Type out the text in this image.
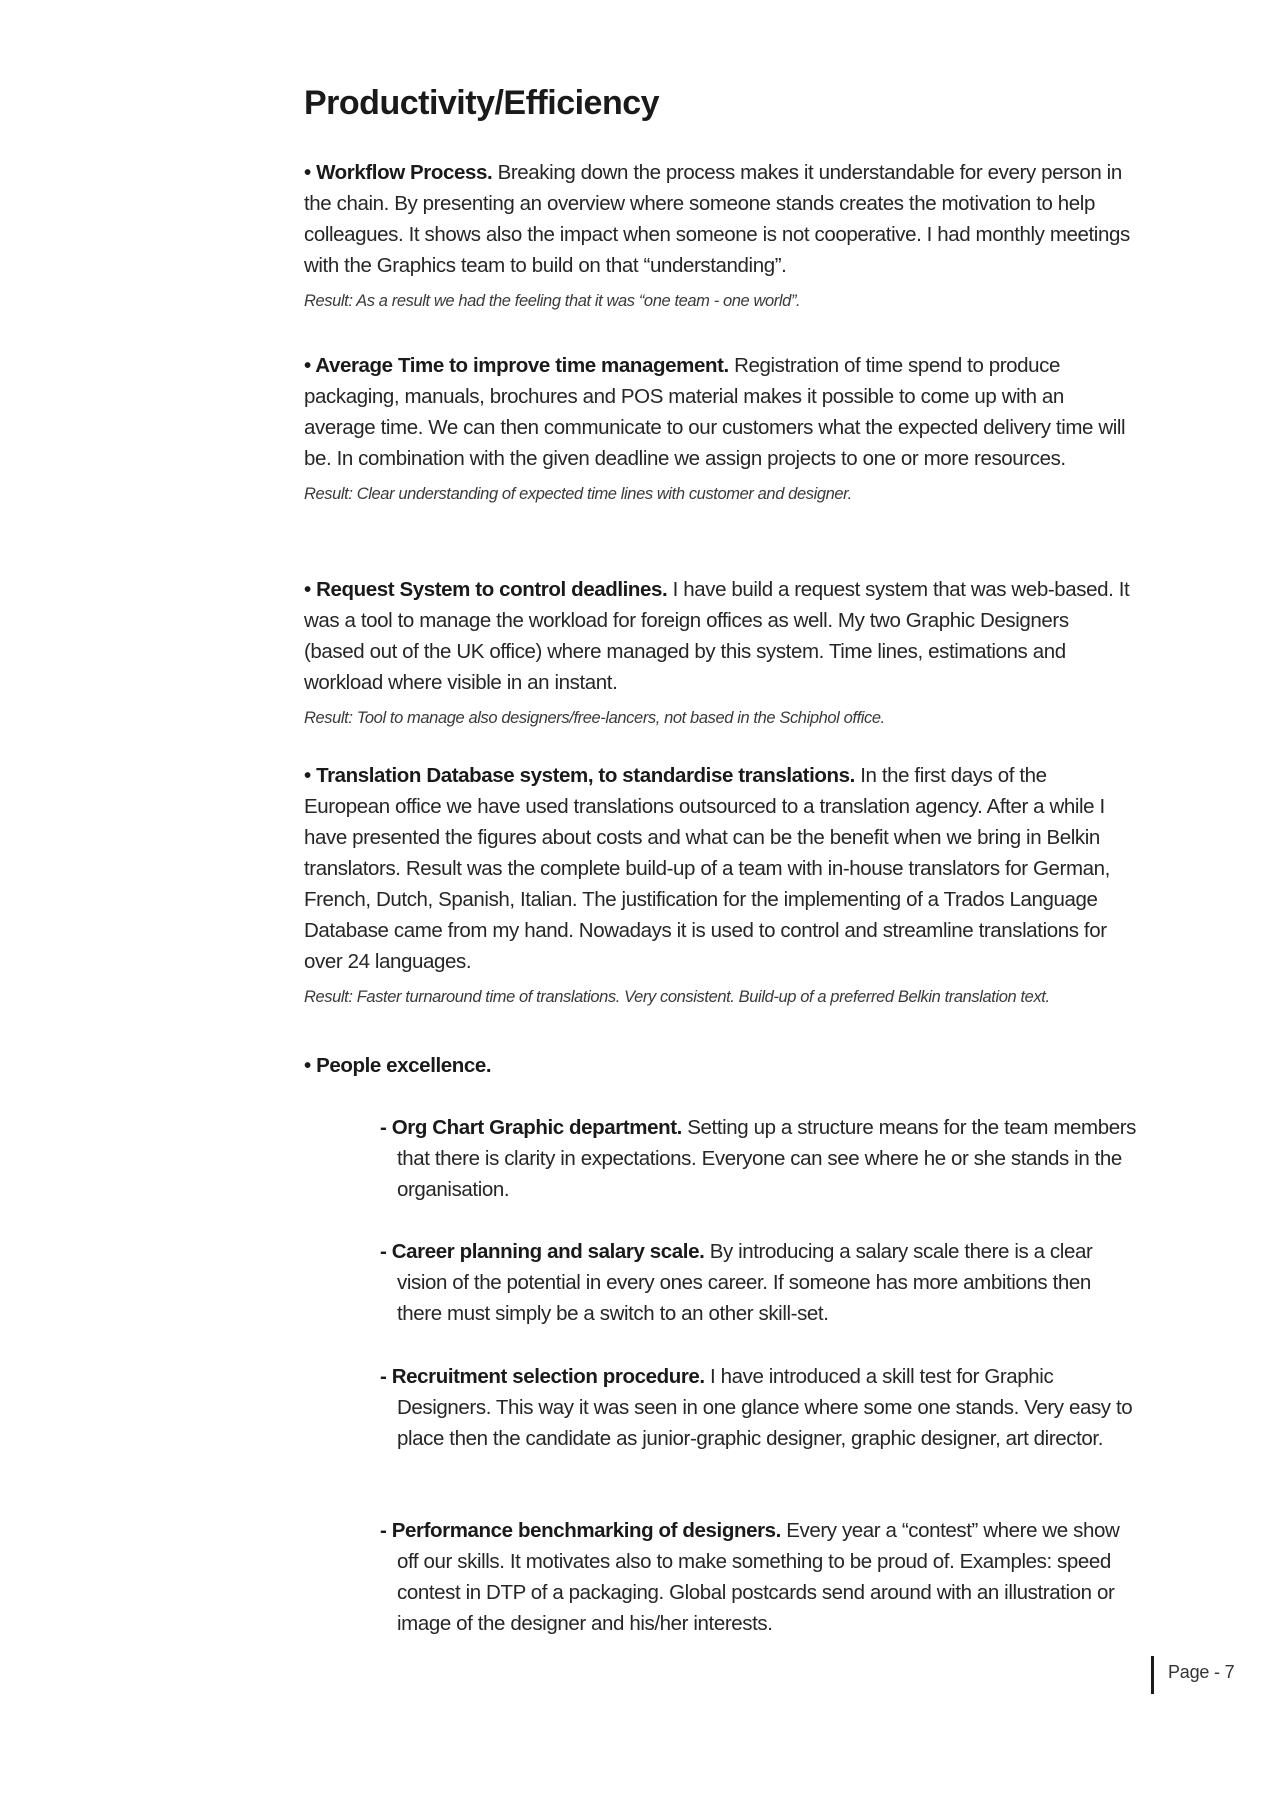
Productivity/Efficiency

• Workflow Process. Breaking down the process makes it understandable for every person in the chain. By presenting an overview where someone stands creates the motivation to help colleagues. It shows also the impact when someone is not cooperative. I had monthly meetings with the Graphics team to build on that “understanding”.

Result: As a result we had the feeling that it was “one team - one world”.

• Average Time to improve time management. Registration of time spend to produce packaging, manuals, brochures and POS material makes it possible to come up with an average time. We can then communicate to our customers what the expected delivery time will be. In combination with the given deadline we assign projects to one or more resources.

Result: Clear understanding of expected time lines with customer and designer.

• Request System to control deadlines. I have build a request system that was web-based. It was a tool to manage the workload for foreign offices as well. My two Graphic Designers (based out of the UK office) where managed by this system. Time lines, estimations and workload where visible in an instant.

Result: Tool to manage also designers/free-lancers, not based in the Schiphol office.

• Translation Database system, to standardise translations. In the first days of the European office we have used translations outsourced to a translation agency. After a while I have presented the figures about costs and what can be the benefit when we bring in Belkin translators. Result was the complete build-up of a team with in-house translators for German, French, Dutch, Spanish, Italian. The justification for the implementing of a Trados Language Database came from my hand. Nowadays it is used to control and streamline translations for over 24 languages.

Result: Faster turnaround time of translations. Very consistent. Build-up of a preferred Belkin translation text.

• People excellence.

- Org Chart Graphic department. Setting up a structure means for the team members that there is clarity in expectations. Everyone can see where he or she stands in the organisation.

- Career planning and salary scale. By introducing a salary scale there is a clear vision of the potential in every ones career. If someone has more ambitions then there must simply be a switch to an other skill-set.

- Recruitment selection procedure. I have introduced a skill test for Graphic Designers. This way it was seen in one glance where some one stands. Very easy to place then the candidate as junior-graphic designer, graphic designer, art director.

- Performance benchmarking of designers. Every year a “contest” where we show off our skills. It motivates also to make something to be proud of. Examples: speed contest in DTP of a packaging. Global postcards send around with an illustration or image of the designer and his/her interests.

Page - 7
